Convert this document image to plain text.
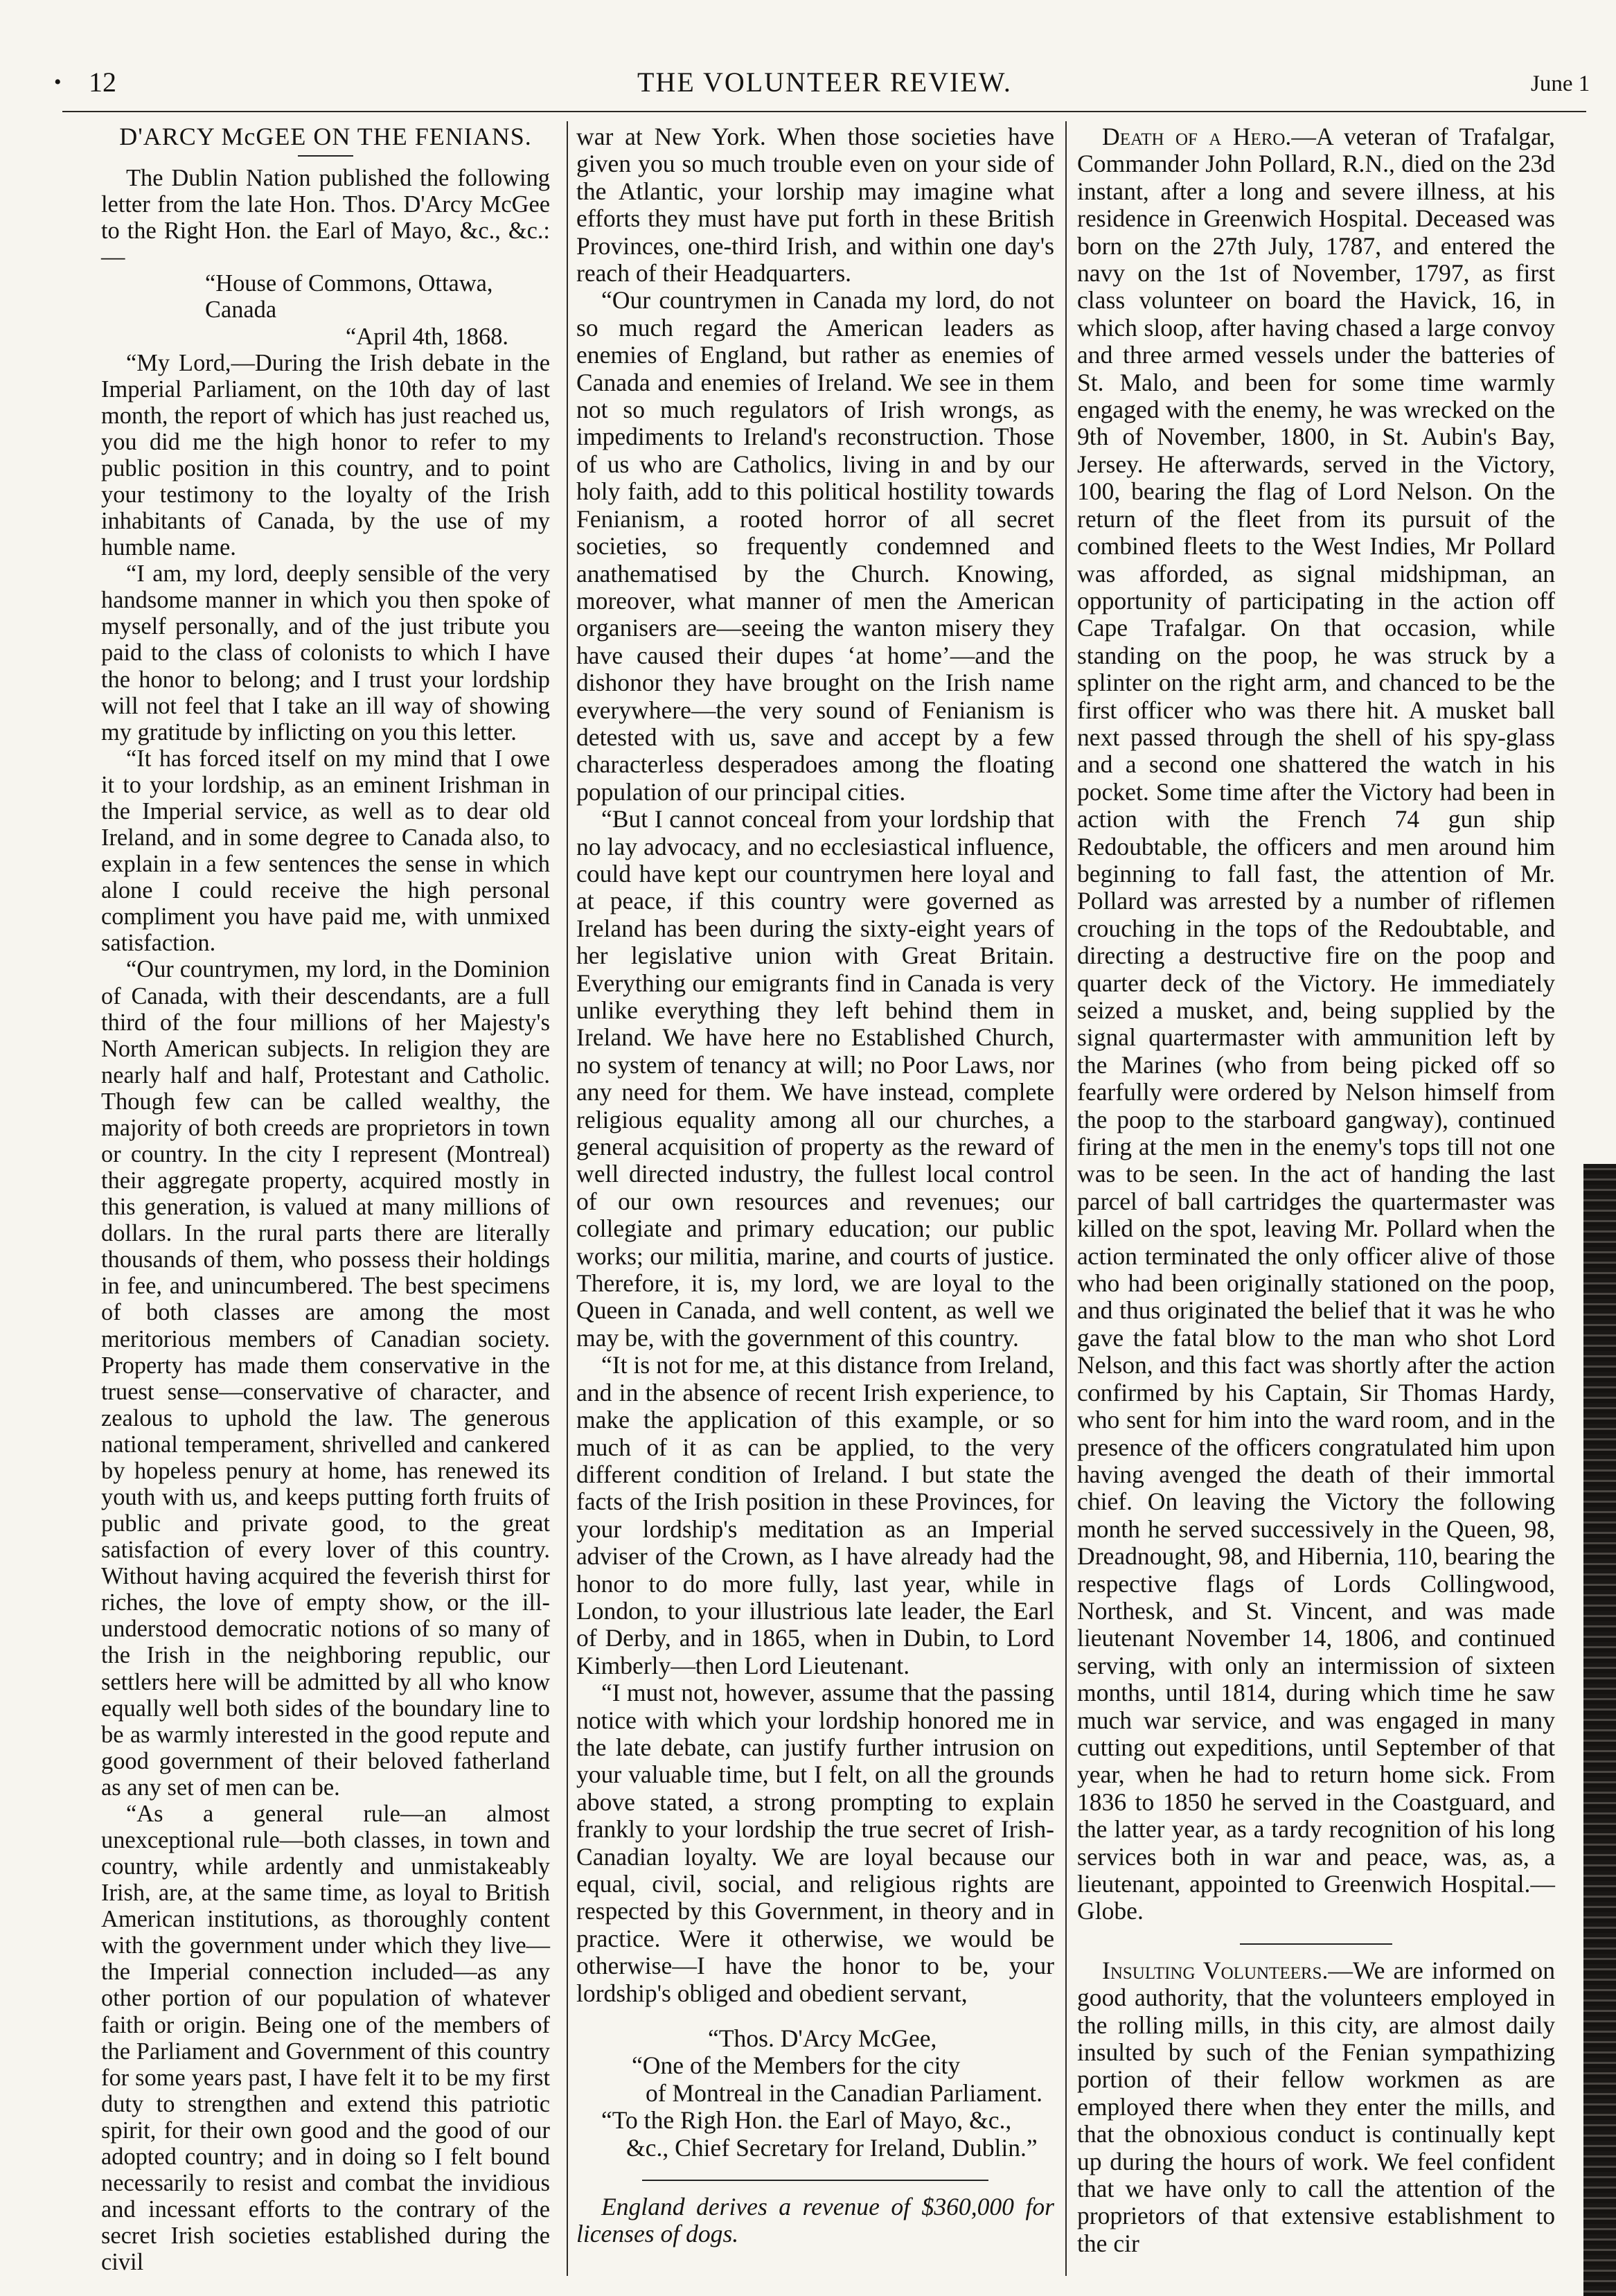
• 12	THE VOLUNTEER REVIEW.	June 1

D'ARCY McGEE ON THE FENIANS.

The Dublin Nation published the following letter from the late Hon. Thos. D'Arcy McGee to the Right Hon. the Earl of Mayo, &c., &c.:—

“House of Commons, Ottawa, Canada

“April 4th, 1868.

“My Lord,—During the Irish debate in the Imperial Parliament, on the 10th day of last month, the report of which has just reached us, you did me the high honor to refer to my public position in this country, and to point your testimony to the loyalty of the Irish inhabitants of Canada, by the use of my humble name.

“I am, my lord, deeply sensible of the very handsome manner in which you then spoke of myself personally, and of the just tribute you paid to the class of colonists to which I have the honor to belong; and I trust your lordship will not feel that I take an ill way of showing my gratitude by inflicting on you this letter.

“It has forced itself on my mind that I owe it to your lordship, as an eminent Irishman in the Imperial service, as well as to dear old Ireland, and in some degree to Canada also, to explain in a few sentences the sense in which alone I could receive the high personal compliment you have paid me, with unmixed satisfaction.

“Our countrymen, my lord, in the Dominion of Canada, with their descendants, are a full third of the four millions of her Majesty's North American subjects. In religion they are nearly half and half, Protestant and Catholic. Though few can be called wealthy, the majority of both creeds are proprietors in town or country. In the city I represent (Montreal) their aggregate property, acquired mostly in this generation, is valued at many millions of dollars. In the rural parts there are literally thousands of them, who possess their holdings in fee, and unincumbered. The best specimens of both classes are among the most meritorious members of Canadian society. Property has made them conservative in the truest sense—conservative of character, and zealous to uphold the law. The generous national temperament, shrivelled and cankered by hopeless penury at home, has renewed its youth with us, and keeps putting forth fruits of public and private good, to the great satisfaction of every lover of this country. Without having acquired the feverish thirst for riches, the love of empty show, or the ill-understood democratic notions of so many of the Irish in the neighboring republic, our settlers here will be admitted by all who know equally well both sides of the boundary line to be as warmly interested in the good repute and good government of their beloved fatherland as any set of men can be.

“As a general rule—an almost unexceptional rule—both classes, in town and country, while ardently and unmistakeably Irish, are, at the same time, as loyal to British American institutions, as thoroughly content with the government under which they live—the Imperial connection included—as any other portion of our population of whatever faith or origin. Being one of the members of the Parliament and Government of this country for some years past, I have felt it to be my first duty to strengthen and extend this patriotic spirit, for their own good and the good of our adopted country; and in doing so I felt bound necessarily to resist and combat the invidious and incessant efforts to the contrary of the secret Irish societies established during the civil

war at New York. When those societies have given you so much trouble even on your side of the Atlantic, your lorship may imagine what efforts they must have put forth in these British Provinces, one-third Irish, and within one day's reach of their Headquarters.

“Our countrymen in Canada my lord, do not so much regard the American leaders as enemies of England, but rather as enemies of Canada and enemies of Ireland. We see in them not so much regulators of Irish wrongs, as impediments to Ireland's reconstruction. Those of us who are Catholics, living in and by our holy faith, add to this political hostility towards Fenianism, a rooted horror of all secret societies, so frequently condemned and anathematised by the Church. Knowing, moreover, what manner of men the American organisers are—seeing the wanton misery they have caused their dupes ‘at home’—and the dishonor they have brought on the Irish name everywhere—the very sound of Fenianism is detested with us, save and accept by a few characterless desperadoes among the floating population of our principal cities.

“But I cannot conceal from your lordship that no lay advocacy, and no ecclesiastical influence, could have kept our countrymen here loyal and at peace, if this country were governed as Ireland has been during the sixty-eight years of her legislative union with Great Britain. Everything our emigrants find in Canada is very unlike everything they left behind them in Ireland. We have here no Established Church, no system of tenancy at will; no Poor Laws, nor any need for them. We have instead, complete religious equality among all our churches, a general acquisition of property as the reward of well directed industry, the fullest local control of our own resources and revenues; our collegiate and primary education; our public works; our militia, marine, and courts of justice. Therefore, it is, my lord, we are loyal to the Queen in Canada, and well content, as well we may be, with the government of this country.

“It is not for me, at this distance from Ireland, and in the absence of recent Irish experience, to make the application of this example, or so much of it as can be applied, to the very different condition of Ireland. I but state the facts of the Irish position in these Provinces, for your lordship's meditation as an Imperial adviser of the Crown, as I have already had the honor to do more fully, last year, while in London, to your illustrious late leader, the Earl of Derby, and in 1865, when in Dubin, to Lord Kimberly—then Lord Lieutenant.

“I must not, however, assume that the passing notice with which your lordship honored me in the late debate, can justify further intrusion on your valuable time, but I felt, on all the grounds above stated, a strong prompting to explain frankly to your lordship the true secret of Irish-Canadian loyalty. We are loyal because our equal, civil, social, and religious rights are respected by this Government, in theory and in practice. Were it otherwise, we would be otherwise—I have the honor to be, your lordship's obliged and obedient servant,

“Thos. D'Arcy McGee,

“One of the Members for the city

of Montreal in the Canadian Parliament.

“To the Righ Hon. the Earl of Mayo, &c.,

&c., Chief Secretary for Ireland, Dublin.”

England derives a revenue of $360,000 for licenses of dogs.

Death of a Hero.—A veteran of Trafalgar, Commander John Pollard, R.N., died on the 23d instant, after a long and severe illness, at his residence in Greenwich Hospital. Deceased was born on the 27th July, 1787, and entered the navy on the 1st of November, 1797, as first class volunteer on board the Havick, 16, in which sloop, after having chased a large convoy and three armed vessels under the batteries of St. Malo, and been for some time warmly engaged with the enemy, he was wrecked on the 9th of November, 1800, in St. Aubin's Bay, Jersey. He afterwards, served in the Victory, 100, bearing the flag of Lord Nelson. On the return of the fleet from its pursuit of the combined fleets to the West Indies, Mr Pollard was afforded, as signal midshipman, an opportunity of participating in the action off Cape Trafalgar. On that occasion, while standing on the poop, he was struck by a splinter on the right arm, and chanced to be the first officer who was there hit. A musket ball next passed through the shell of his spy-glass and a second one shattered the watch in his pocket. Some time after the Victory had been in action with the French 74 gun ship Redoubtable, the officers and men around him beginning to fall fast, the attention of Mr. Pollard was arrested by a number of riflemen crouching in the tops of the Redoubtable, and directing a destructive fire on the poop and quarter deck of the Victory. He immediately seized a musket, and, being supplied by the signal quartermaster with ammunition left by the Marines (who from being picked off so fearfully were ordered by Nelson himself from the poop to the starboard gangway), continued firing at the men in the enemy's tops till not one was to be seen. In the act of handing the last parcel of ball cartridges the quartermaster was killed on the spot, leaving Mr. Pollard when the action terminated the only officer alive of those who had been originally stationed on the poop, and thus originated the belief that it was he who gave the fatal blow to the man who shot Lord Nelson, and this fact was shortly after the action confirmed by his Captain, Sir Thomas Hardy, who sent for him into the ward room, and in the presence of the officers congratulated him upon having avenged the death of their immortal chief. On leaving the Victory the following month he served successively in the Queen, 98, Dreadnought, 98, and Hibernia, 110, bearing the respective flags of Lords Collingwood, Northesk, and St. Vincent, and was made lieutenant November 14, 1806, and continued serving, with only an intermission of sixteen months, until 1814, during which time he saw much war service, and was engaged in many cutting out expeditions, until September of that year, when he had to return home sick. From 1836 to 1850 he served in the Coastguard, and the latter year, as a tardy recognition of his long services both in war and peace, was, as, a lieutenant, appointed to Greenwich Hospital.—Globe.

Insulting Volunteers.—We are informed on good authority, that the volunteers employed in the rolling mills, in this city, are almost daily insulted by such of the Fenian sympathizing portion of their fellow workmen as are employed there when they enter the mills, and that the obnoxious conduct is continually kept up during the hours of work. We feel confident that we have only to call the attention of the proprietors of that extensive establishment to the cir
